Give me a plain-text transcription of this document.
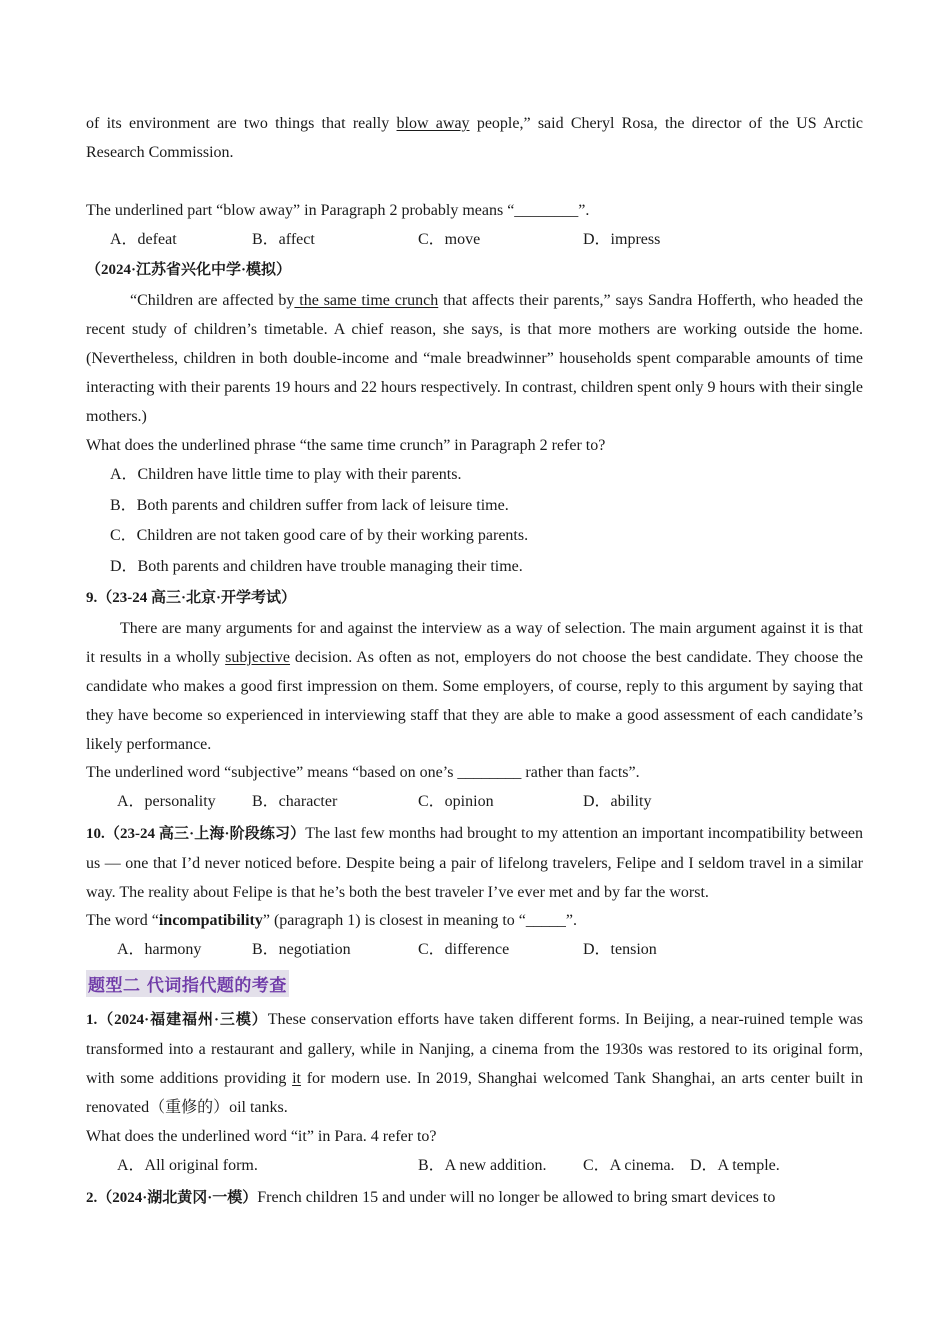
of its environment are two things that really blow away people,” said Cheryl Rosa, the director of the US Arctic

Research Commission.

The underlined part “blow away” in Paragraph 2 probably means “________”.

A．defeat	B．affect	C．move	D．impress

（2024·江苏省兴化中学·模拟）

“Children are affected by the same time crunch that affects their parents,” says Sandra Hofferth, who headed the recent study of children’s timetable. A chief reason, she says, is that more mothers are working outside the home. (Nevertheless, children in both double-income and “male breadwinner” households spent comparable amounts of time interacting with their parents 19 hours and 22 hours respectively. In contrast, children spent only 9 hours with their single mothers.)

What does the underlined phrase “the same time crunch” in Paragraph 2 refer to?

A．Children have little time to play with their parents.
B．Both parents and children suffer from lack of leisure time.
C．Children are not taken good care of by their working parents.
D．Both parents and children have trouble managing their time.

9.（23-24 高三·北京·开学考试）

There are many arguments for and against the interview as a way of selection. The main argument against it is that it results in a wholly subjective decision. As often as not, employers do not choose the best candidate. They choose the candidate who makes a good first impression on them. Some employers, of course, reply to this argument by saying that they have become so experienced in interviewing staff that they are able to make a good assessment of each candidate’s likely performance.

The underlined word “subjective” means “based on one’s ________ rather than facts”.

A．personality B．character	C．opinion	D．ability

10.（23-24 高三·上海·阶段练习）The last few months had brought to my attention an important incompatibility between us — one that I’d never noticed before. Despite being a pair of lifelong travelers, Felipe and I seldom travel in a similar way. The reality about Felipe is that he’s both the best traveler I’ve ever met and by far the worst.

The word “incompatibility” (paragraph 1) is closest in meaning to “_____”.

A．harmony	B．negotiation	C．difference	D．tension
题型二 代词指代题的考查

1.（2024·福建福州·三模）These conservation efforts have taken different forms. In Beijing, a near-ruined temple was transformed into a restaurant and gallery, while in Nanjing, a cinema from the 1930s was restored to its original form, with some additions providing it for modern use. In 2019, Shanghai welcomed Tank Shanghai, an arts center built in renovated（重修的）oil tanks.

What does the underlined word “it” in Para. 4 refer to?

A．All original form.	B．A new addition. C．A cinema. D．A temple.

2.（2024·湖北黄冈·一模）French children 15 and under will no longer be allowed to bring smart devices to
